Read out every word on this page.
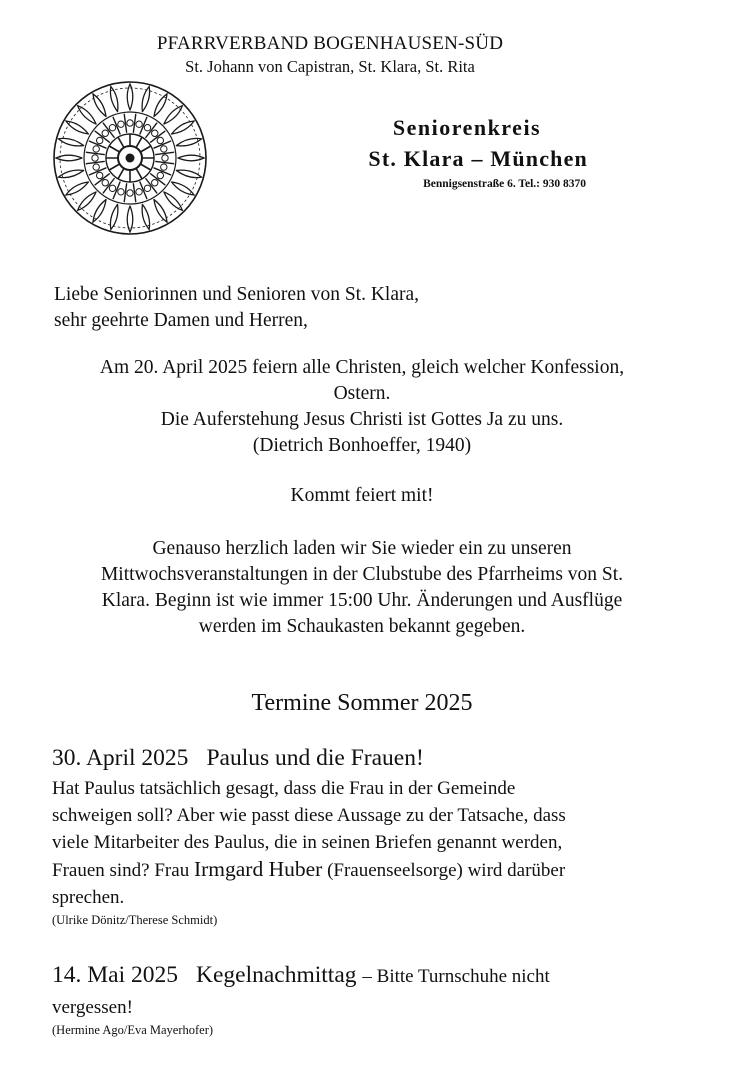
PFARRVERBAND BOGENHAUSEN-SÜD
St. Johann von Capistran, St. Klara, St. Rita
Seniorenkreis
St. Klara – München
Bennigsenstraße 6. Tel.: 930 8370
Liebe Seniorinnen und Senioren von St. Klara,
sehr geehrte Damen und Herren,
Am 20. April 2025 feiern alle Christen, gleich welcher Konfession,
Ostern.
Die Auferstehung Jesus Christi ist Gottes Ja zu uns.
(Dietrich Bonhoeffer, 1940)
Kommt feiert mit!
Genauso herzlich laden wir Sie wieder ein zu unseren
Mittwochsveranstaltungen in der Clubstube des Pfarrheims von St.
Klara. Beginn ist wie immer 15:00 Uhr. Änderungen und Ausflüge
werden im Schaukasten bekannt gegeben.
Termine Sommer 2025
30. April 2025 Paulus und die Frauen!
Hat Paulus tatsächlich gesagt, dass die Frau in der Gemeinde
schweigen soll? Aber wie passt diese Aussage zu der Tatsache, dass
viele Mitarbeiter des Paulus, die in seinen Briefen genannt werden,
Frauen sind? Frau Irmgard Huber (Frauenseelsorge) wird darüber
sprechen.
(Ulrike Dönitz/Therese Schmidt)
14. Mai 2025 Kegelnachmittag – Bitte Turnschuhe nicht
vergessen!
(Hermine Ago/Eva Mayerhofer)
